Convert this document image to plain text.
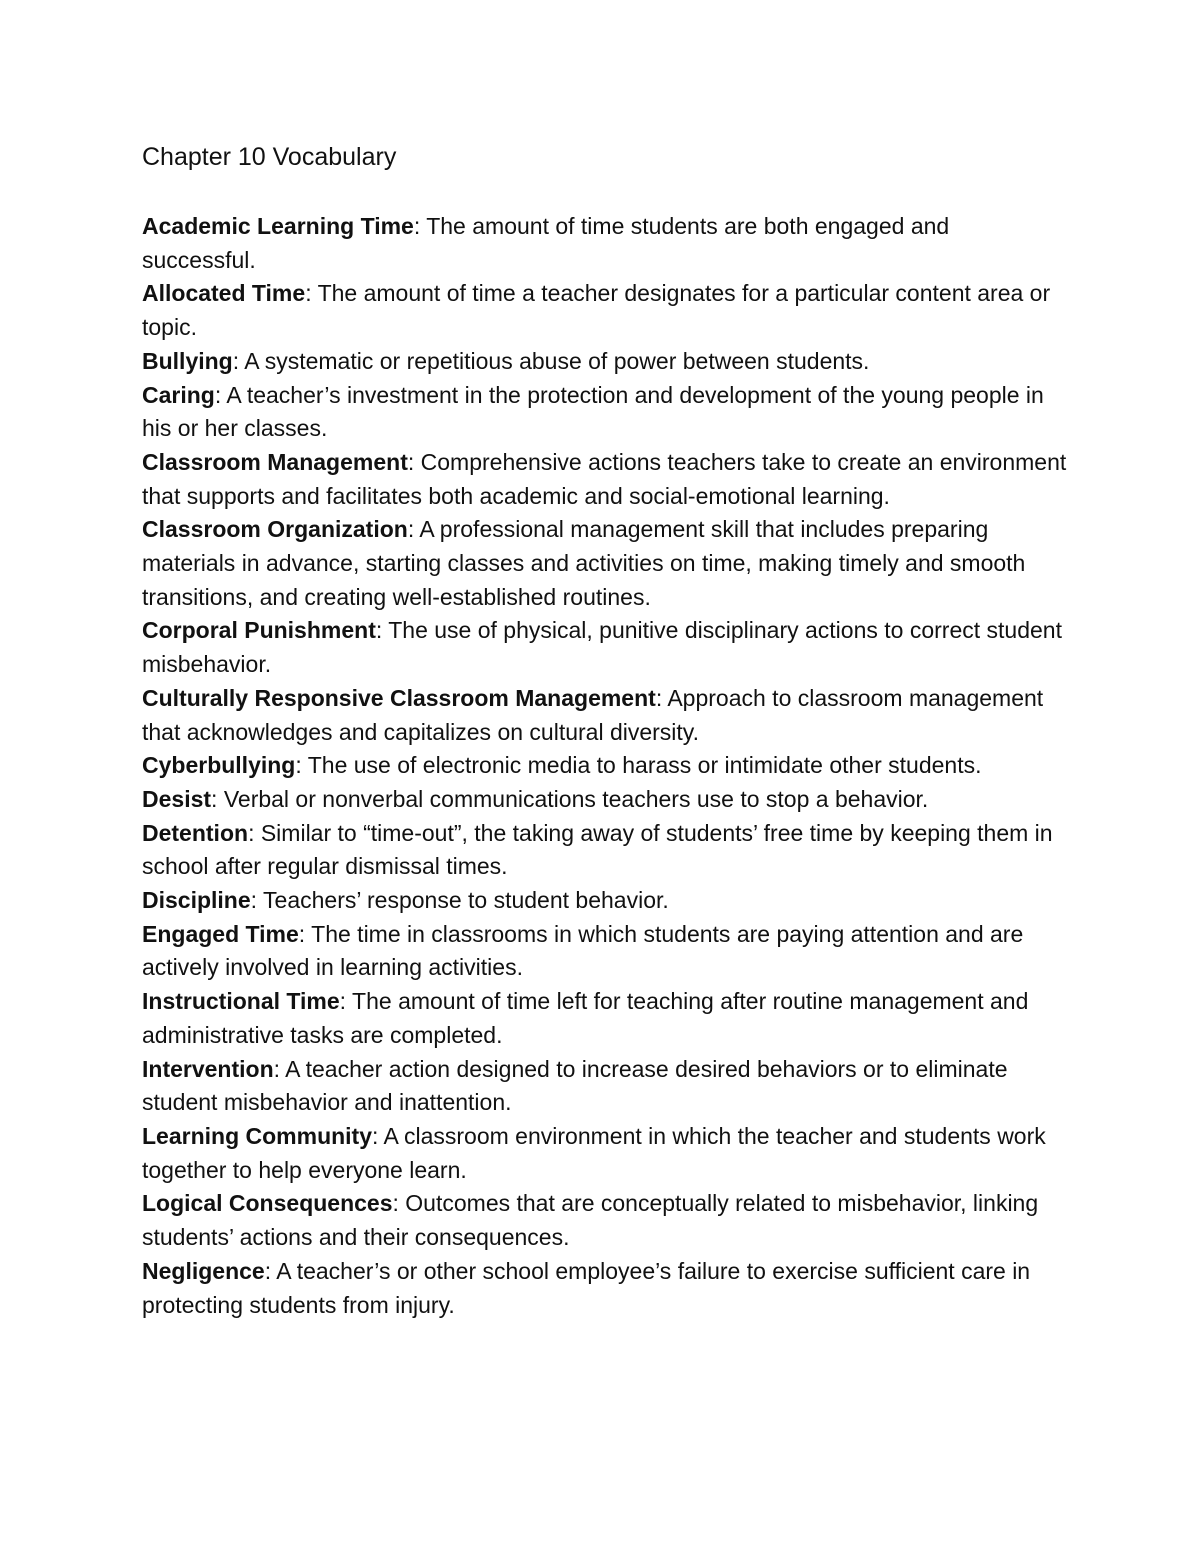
Chapter 10 Vocabulary

Academic Learning Time: The amount of time students are both engaged and successful.

Allocated Time: The amount of time a teacher designates for a particular content area or topic.

Bullying: A systematic or repetitious abuse of power between students.

Caring: A teacher’s investment in the protection and development of the young people in his or her classes.

Classroom Management: Comprehensive actions teachers take to create an environment that supports and facilitates both academic and social-emotional learning.

Classroom Organization: A professional management skill that includes preparing materials in advance, starting classes and activities on time, making timely and smooth transitions, and creating well-established routines.

Corporal Punishment: The use of physical, punitive disciplinary actions to correct student misbehavior.

Culturally Responsive Classroom Management: Approach to classroom management that acknowledges and capitalizes on cultural diversity.

Cyberbullying: The use of electronic media to harass or intimidate other students.

Desist: Verbal or nonverbal communications teachers use to stop a behavior.

Detention: Similar to “time-out”, the taking away of students’ free time by keeping them in school after regular dismissal times.

Discipline: Teachers’ response to student behavior.

Engaged Time: The time in classrooms in which students are paying attention and are actively involved in learning activities.

Instructional Time: The amount of time left for teaching after routine management and administrative tasks are completed.

Intervention: A teacher action designed to increase desired behaviors or to eliminate student misbehavior and inattention.

Learning Community: A classroom environment in which the teacher and students work together to help everyone learn.

Logical Consequences: Outcomes that are conceptually related to misbehavior, linking students’ actions and their consequences.

Negligence: A teacher’s or other school employee’s failure to exercise sufficient care in protecting students from injury.
